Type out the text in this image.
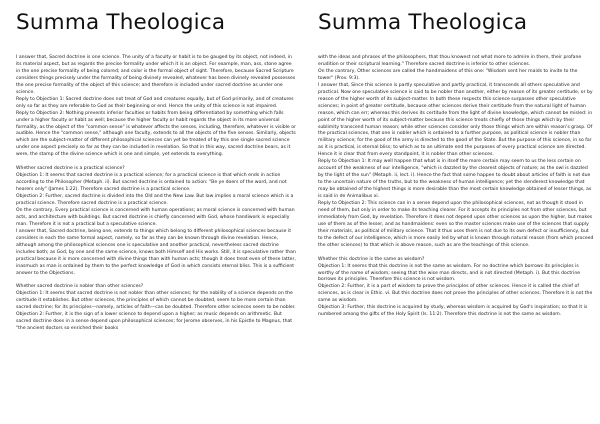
Summa Theologica

I answer that, Sacred doctrine is one science. The unity of a faculty or habit is to be gauged by its object, not indeed, in its material aspect, but as regards the precise formality under which it is an object. For example, man, ass, stone agree in the one precise formality of being colored; and color is the formal object of sight. Therefore, because Sacred Scripture considers things precisely under the formality of being divinely revealed, whatever has been divinely revealed possesses the one precise formality of the object of this science; and therefore is included under sacred doctrine as under one science.

Reply to Objection 1: Sacred doctrine does not treat of God and creatures equally, but of God primarily, and of creatures only so far as they are referable to God as their beginning or end. Hence the unity of this science is not impaired.

Reply to Objection 2: Nothing prevents inferior faculties or habits from being differentiated by something which falls under a higher faculty or habit as well; because the higher faculty or habit regards the object in its more universal formality, as the object of the "common sense" is whatever affects the senses, including, therefore, whatever is visible or audible. Hence the "common sense," although one faculty, extends to all the objects of the five senses. Similarly, objects which are the subject-matter of different philosophical sciences can yet be treated of by this one single sacred science under one aspect precisely so far as they can be included in revelation. So that in this way, sacred doctrine bears, as it were, the stamp of the divine science which is one and simple, yet extends to everything.

Whether sacred doctrine is a practical science?

Objection 1: It seems that sacred doctrine is a practical science; for a practical science is that which ends in action according to the Philosopher (Metaph. ii). But sacred doctrine is ordained to action: "Be ye doers of the word, and not hearers only" (James 1:22). Therefore sacred doctrine is a practical science.

Objection 2: Further, sacred doctrine is divided into the Old and the New Law. But law implies a moral science which is a practical science. Therefore sacred doctrine is a practical science.

On the contrary, Every practical science is concerned with human operations; as moral science is concerned with human acts, and architecture with buildings. But sacred doctrine is chiefly concerned with God, whose handiwork is especially man. Therefore it is not a practical but a speculative science.

I answer that, Sacred doctrine, being one, extends to things which belong to different philosophical sciences because it considers in each the same formal aspect, namely, so far as they can be known through divine revelation. Hence, although among the philosophical sciences one is speculative and another practical, nevertheless sacred doctrine includes both; as God, by one and the same science, knows both Himself and His works. Still, it is speculative rather than practical because it is more concerned with divine things than with human acts; though it does treat even of these latter, inasmuch as man is ordained by them to the perfect knowledge of God in which consists eternal bliss. This is a sufficient answer to the Objections.

Whether sacred doctrine is nobler than other sciences?

Objection 1: It seems that sacred doctrine is not nobler than other sciences; for the nobility of a science depends on the certitude it establishes. But other sciences, the principles of which cannot be doubted, seem to be more certain than sacred doctrine; for its principles—namely, articles of faith—can be doubted. Therefore other sciences seem to be nobler.

Objection 2: Further, it is the sign of a lower science to depend upon a higher; as music depends on arithmetic. But sacred doctrine does in a sense depend upon philosophical sciences; for Jerome observes, in his Epistle to Magnus, that "the ancient doctors so enriched their books

Summa Theologica

with the ideas and phrases of the philosophers, that thou knowest not what more to admire in them, their profane erudition or their scriptural learning." Therefore sacred doctrine is inferior to other sciences.

On the contrary, Other sciences are called the handmaidens of this one: "Wisdom sent her maids to invite to the tower" (Prov. 9:3).

I answer that, Since this science is partly speculative and partly practical, it transcends all others speculative and practical. Now one speculative science is said to be nobler than another, either by reason of its greater certitude, or by reason of the higher worth of its subject-matter. In both these respects this science surpasses other speculative sciences; in point of greater certitude, because other sciences derive their certitude from the natural light of human reason, which can err; whereas this derives its certitude from the light of divine knowledge, which cannot be misled: in point of the higher worth of its subject-matter because this science treats chiefly of those things which by their sublimity transcend human reason; while other sciences consider only those things which are within reason's grasp. Of the practical sciences, that one is nobler which is ordained to a further purpose, as political science is nobler than military science; for the good of the army is directed to the good of the State. But the purpose of this science, in so far as it is practical, is eternal bliss; to which as to an ultimate end the purposes of every practical science are directed. Hence it is clear that from every standpoint, it is nobler than other sciences.

Reply to Objection 1: It may well happen that what is in itself the more certain may seem to us the less certain on account of the weakness of our intelligence, "which is dazzled by the clearest objects of nature; as the owl is dazzled by the light of the sun" (Metaph. ii, lect. i). Hence the fact that some happen to doubt about articles of faith is not due to the uncertain nature of the truths, but to the weakness of human intelligence; yet the slenderest knowledge that may be obtained of the highest things is more desirable than the most certain knowledge obtained of lesser things, as is said in de Animalibus xi.

Reply to Objection 2: This science can in a sense depend upon the philosophical sciences, not as though it stood in need of them, but only in order to make its teaching clearer. For it accepts its principles not from other sciences, but immediately from God, by revelation. Therefore it does not depend upon other sciences as upon the higher, but makes use of them as of the lesser, and as handmaidens: even so the master sciences make use of the sciences that supply their materials, as political of military science. That it thus uses them is not due to its own defect or insufficiency, but to the defect of our intelligence, which is more easily led by what is known through natural reason (from which proceed the other sciences) to that which is above reason, such as are the teachings of this science.

Whether this doctrine is the same as wisdom?

Objection 1: It seems that this doctrine is not the same as wisdom. For no doctrine which borrows its principles is worthy of the name of wisdom; seeing that the wise man directs, and is not directed (Metaph. i). But this doctrine borrows its principles. Therefore this science is not wisdom.

Objection 2: Further, it is a part of wisdom to prove the principles of other sciences. Hence it is called the chief of sciences, as is clear in Ethic. vi. But this doctrine does not prove the principles of other sciences. Therefore it is not the same as wisdom.

Objection 3: Further, this doctrine is acquired by study, whereas wisdom is acquired by God's inspiration; so that it is numbered among the gifts of the Holy Spirit (Is. 11:2). Therefore this doctrine is not the same as wisdom.
